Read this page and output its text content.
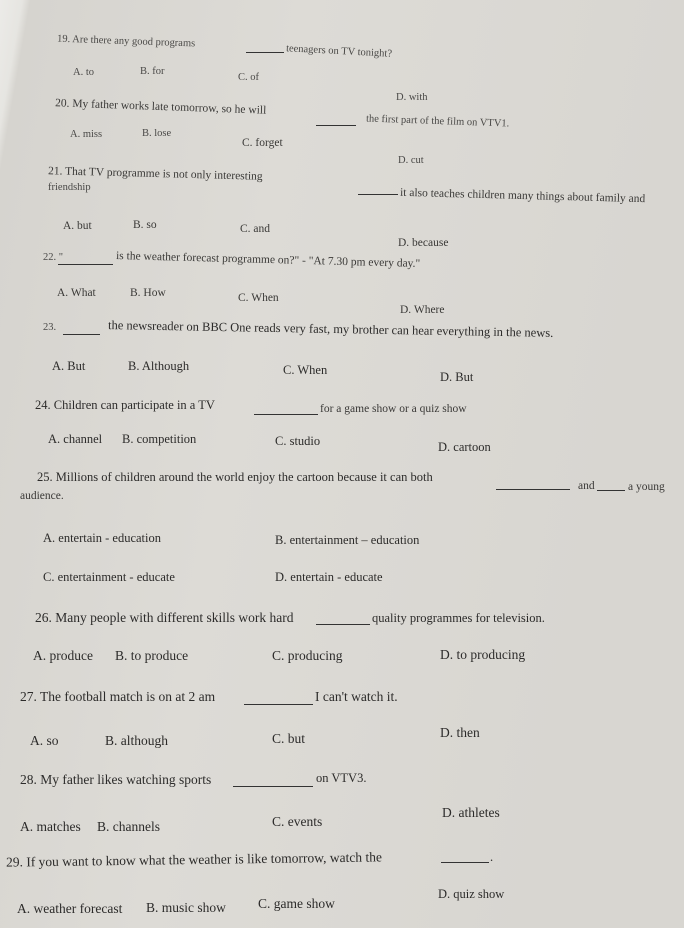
19. Are there any good programs
teenagers on TV tonight?
A. to	B. for
C. of
D. with
20. My father works late tomorrow, so he will
the first part of the film on VTV1.
A. miss	B. lose
C. forget
D. cut
21. That TV programme is not only interesting
it also teaches children many things about family and
friendship
A. but	B. so	C. and
D. because
22. "	is the weather forecast programme on?" - "At 7.30 pm every day."
A. What	B. How	C. When
D. Where
23.	the newsreader on BBC One reads very fast, my brother can hear everything in the news.
A. But	B. Although	C. When	D. But
24. Children can participate in a TV	for a game show or a quiz show
A. channel B. competition	C. studio	D. cartoon
25. Millions of children around the world enjoy the cartoon because it can both
and	a young
audience.
A. entertain - education	B. entertainment – education
C. entertainment - educate	D. entertain - educate
26. Many people with different skills work hard	quality programmes for television.
A. produce B. to produce	C. producing	D. to producing
27. The football match is on at 2 am	I can't watch it.
A. so	B. although	C. but	D. then
28. My father likes watching sports	on VTV3.
A. matches B. channels	C. events
D. athletes
29. If you want to know what the weather is like tomorrow, watch the	.
A. weather forecast B. music show C. game show
D. quiz show
